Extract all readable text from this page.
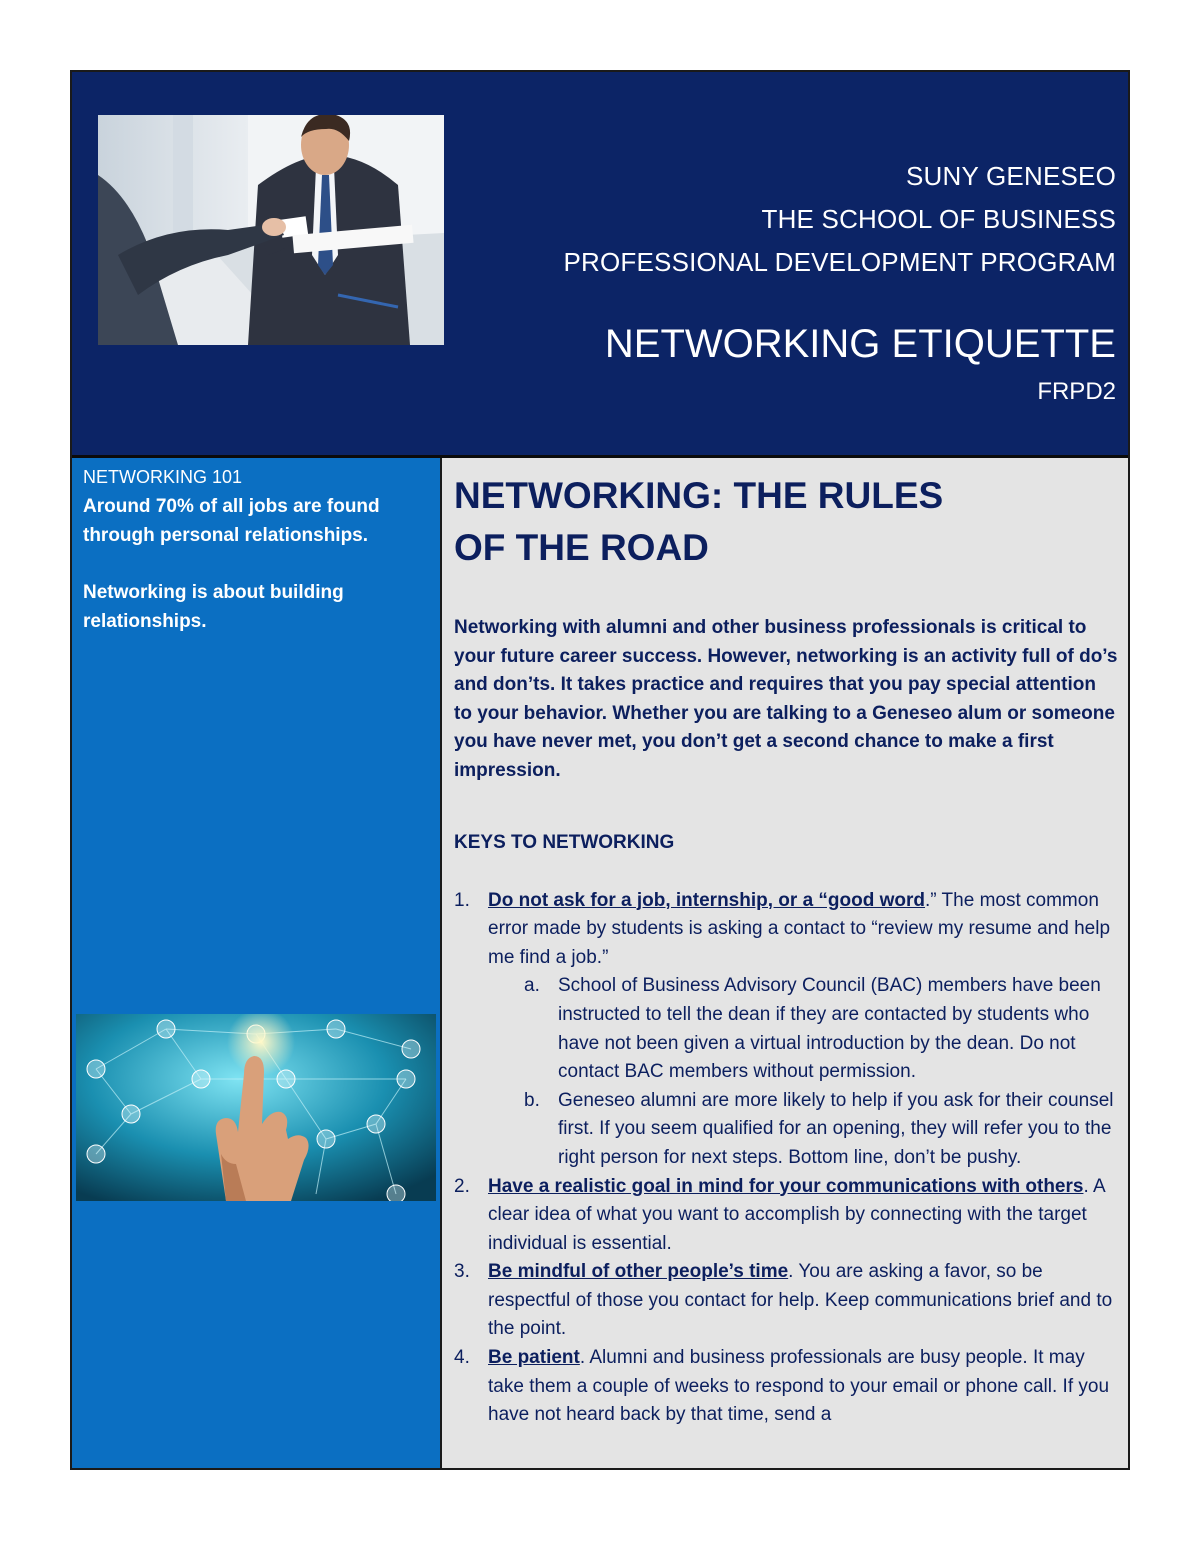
SUNY GENESEO
THE SCHOOL OF BUSINESS
PROFESSIONAL DEVELOPMENT PROGRAM
NETWORKING ETIQUETTE
FRPD2
NETWORKING 101
Around 70% of all jobs are found through personal relationships.
Networking is about building relationships.
NETWORKING: THE RULES
OF THE ROAD
Networking with alumni and other business professionals is critical to your future career success. However, networking is an activity full of do’s and don’ts. It takes practice and requires that you pay special attention to your behavior. Whether you are talking to a Geneseo alum or someone you have never met, you don’t get a second chance to make a first impression.
KEYS TO NETWORKING
1. Do not ask for a job, internship, or a “good word.” The most common error made by students is asking a contact to “review my resume and help me find a job.”
a. School of Business Advisory Council (BAC) members have been instructed to tell the dean if they are contacted by students who have not been given a virtual introduction by the dean. Do not contact BAC members without permission.
b. Geneseo alumni are more likely to help if you ask for their counsel first. If you seem qualified for an opening, they will refer you to the right person for next steps. Bottom line, don’t be pushy.
2. Have a realistic goal in mind for your communications with others. A clear idea of what you want to accomplish by connecting with the target individual is essential.
3. Be mindful of other people’s time. You are asking a favor, so be respectful of those you contact for help. Keep communications brief and to the point.
4. Be patient. Alumni and business professionals are busy people. It may take them a couple of weeks to respond to your email or phone call. If you have not heard back by that time, send a
